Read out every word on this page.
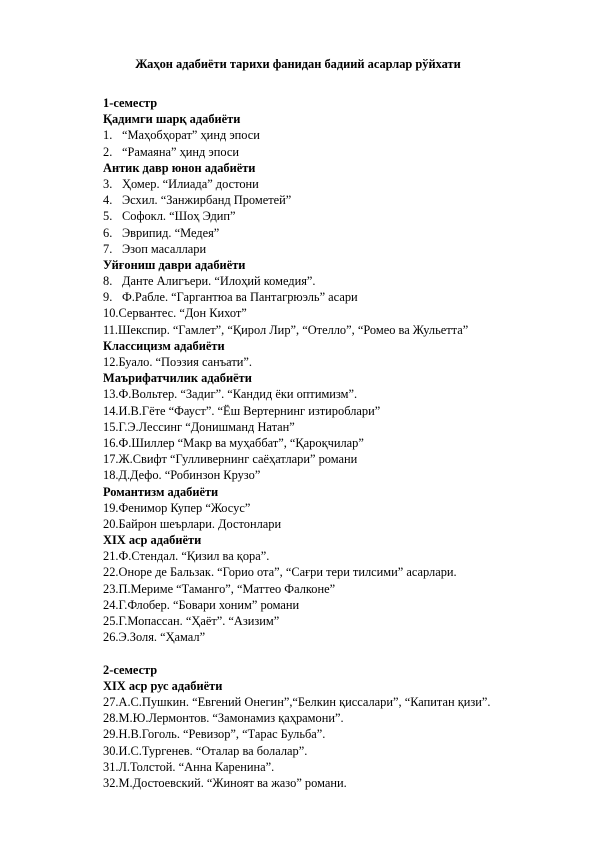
Жаҳон адабиёти тарихи фанидан бадиий асарлар рўйхати
1-семестр
Қадимги шарқ адабиёти
1. “Маҳобҳорат” ҳинд эпоси
2. “Рамаяна” ҳинд эпоси
Антик давр юнон адабиёти
3. Ҳомер. “Илиада” достони
4. Эсхил. “Занжирбанд Прометей”
5. Софокл. “Шоҳ Эдип”
6. Эврипид. “Медея”
7. Эзоп масаллари
Уйғониш даври адабиёти
8. Данте Алигъери. “Илоҳий комедия”.
9. Ф.Рабле. “Гаргантюа ва Пантагрюэль” асари
10.Сервантес. “Дон Кихот”
11.Шекспир. “Гамлет”, “Қирол Лир”, “Отелло”, “Ромео ва Жульетта”
Классицизм адабиёти
12.Буало. “Поэзия санъати”.
Маърифатчилик адабиёти
13.Ф.Вольтер. “Задиг”. “Кандид ёки оптимизм”.
14.И.В.Гёте “Фауст”. “Ёш Вертернинг изтироблари”
15.Г.Э.Лессинг “Донишманд Натан”
16.Ф.Шиллер “Макр ва муҳаббат”, “Қароқчилар”
17.Ж.Свифт “Гулливернинг саёҳатлари” романи
18.Д.Дефо. “Робинзон Крузо”
Романтизм адабиёти
19.Фенимор Купер “Жосус”
20.Байрон шеърлари. Достонлари
XIX аср адабиёти
21.Ф.Стендал. “Қизил ва қора”.
22.Оноре де Бальзак. “Горио ота”, “Сағри тери тилсими” асарлари.
23.П.Мериме “Таманго”, “Маттео Фалконе”
24.Г.Флобер. “Бовари хоним” романи
25.Г.Мопассан. “Ҳаёт”. “Азизим”
26.Э.Золя. “Ҳамал”
2-семестр
XIX аср рус адабиёти
27.А.С.Пушкин. “Евгений Онегин”,“Белкин қиссалари”, “Капитан қизи”.
28.М.Ю.Лермонтов. “Замонамиз қаҳрамони”.
29.Н.В.Гоголь. “Ревизор”, “Тарас Бульба”.
30.И.С.Тургенев. “Оталар ва болалар”.
31.Л.Толстой. “Анна Каренина”.
32.М.Достоевский. “Жиноят ва жазо” романи.
